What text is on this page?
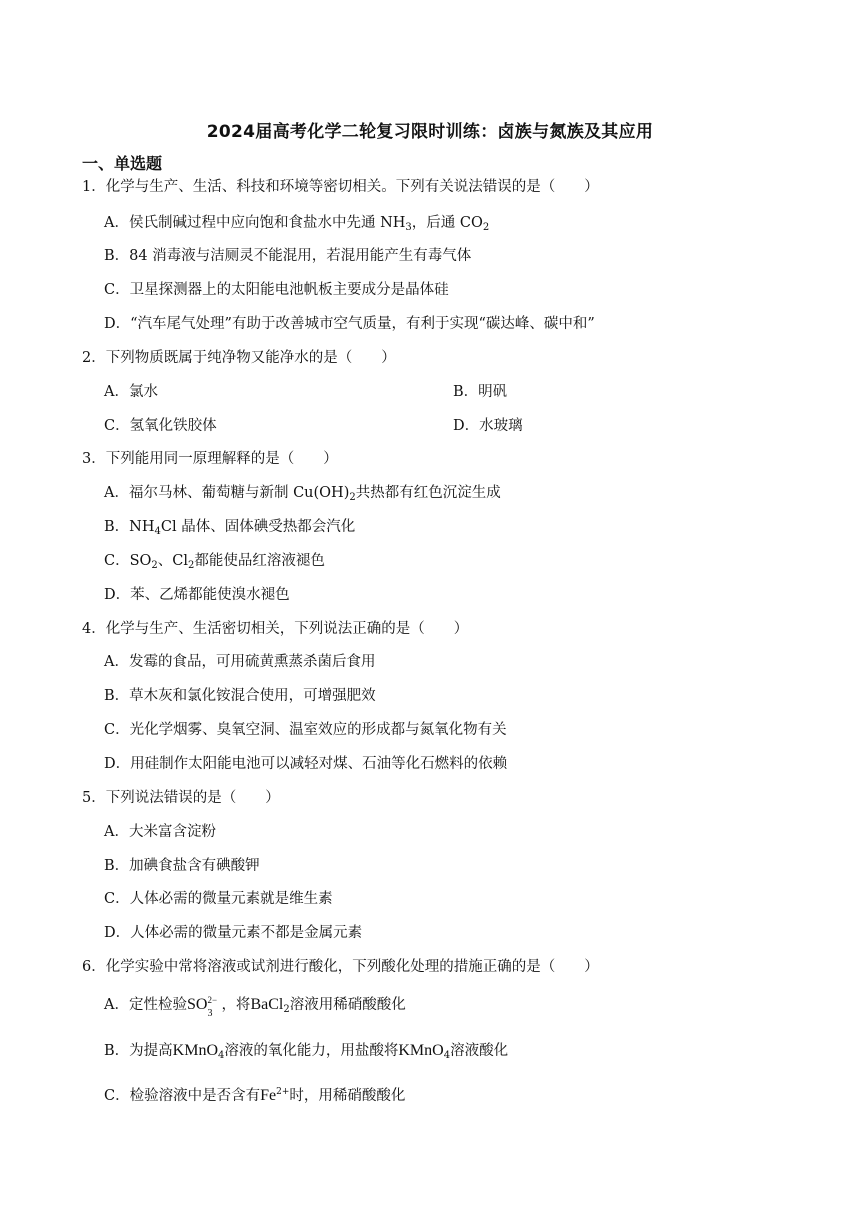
2024届高考化学二轮复习限时训练：卤族与氮族及其应用
一、单选题
1．化学与生产、生活、科技和环境等密切相关。下列有关说法错误的是（　　）
A．侯氏制碱过程中应向饱和食盐水中先通 $NH_3$，后通 $CO_2$
B．84 消毒液与洁厕灵不能混用，若混用能产生有毒气体
C．卫星探测器上的太阳能电池帆板主要成分是晶体硅
D．“汽车尾气处理”有助于改善城市空气质量，有利于实现“碳达峰、碳中和”
2．下列物质既属于纯净物又能净水的是（　　）
A．氯水	B．明矾
C．氢氧化铁胶体	D．水玻璃
3．下列能用同一原理解释的是（　　）
A．福尔马林、葡萄糖与新制 $Cu(OH)_2$共热都有红色沉淀生成
B．$NH_4Cl$ 晶体、固体碘受热都会汽化
C．$SO_2$、$Cl_2$都能使品红溶液褪色
D．苯、乙烯都能使溴水褪色
4．化学与生产、生活密切相关，下列说法正确的是（　　）
A．发霉的食品，可用硫黄熏蒸杀菌后食用
B．草木灰和氯化铵混合使用，可增强肥效
C．光化学烟雾、臭氧空洞、温室效应的形成都与氮氧化物有关
D．用硅制作太阳能电池可以减轻对煤、石油等化石燃料的依赖
5．下列说法错误的是（　　）
A．大米富含淀粉
B．加碘食盐含有碘酸钾
C．人体必需的微量元素就是维生素
D．人体必需的微量元素不都是金属元素
6．化学实验中常将溶液或试剂进行酸化，下列酸化处理的措施正确的是（　　）
A．定性检验SO 2−
3
，将BaCl$_2$溶液用稀硝酸酸化
B．为提高KMnO$_4$溶液的氧化能力，用盐酸将KMnO$_4$溶液酸化
C．检验溶液中是否含有$Fe^{2+}$时，用稀硝酸酸化
